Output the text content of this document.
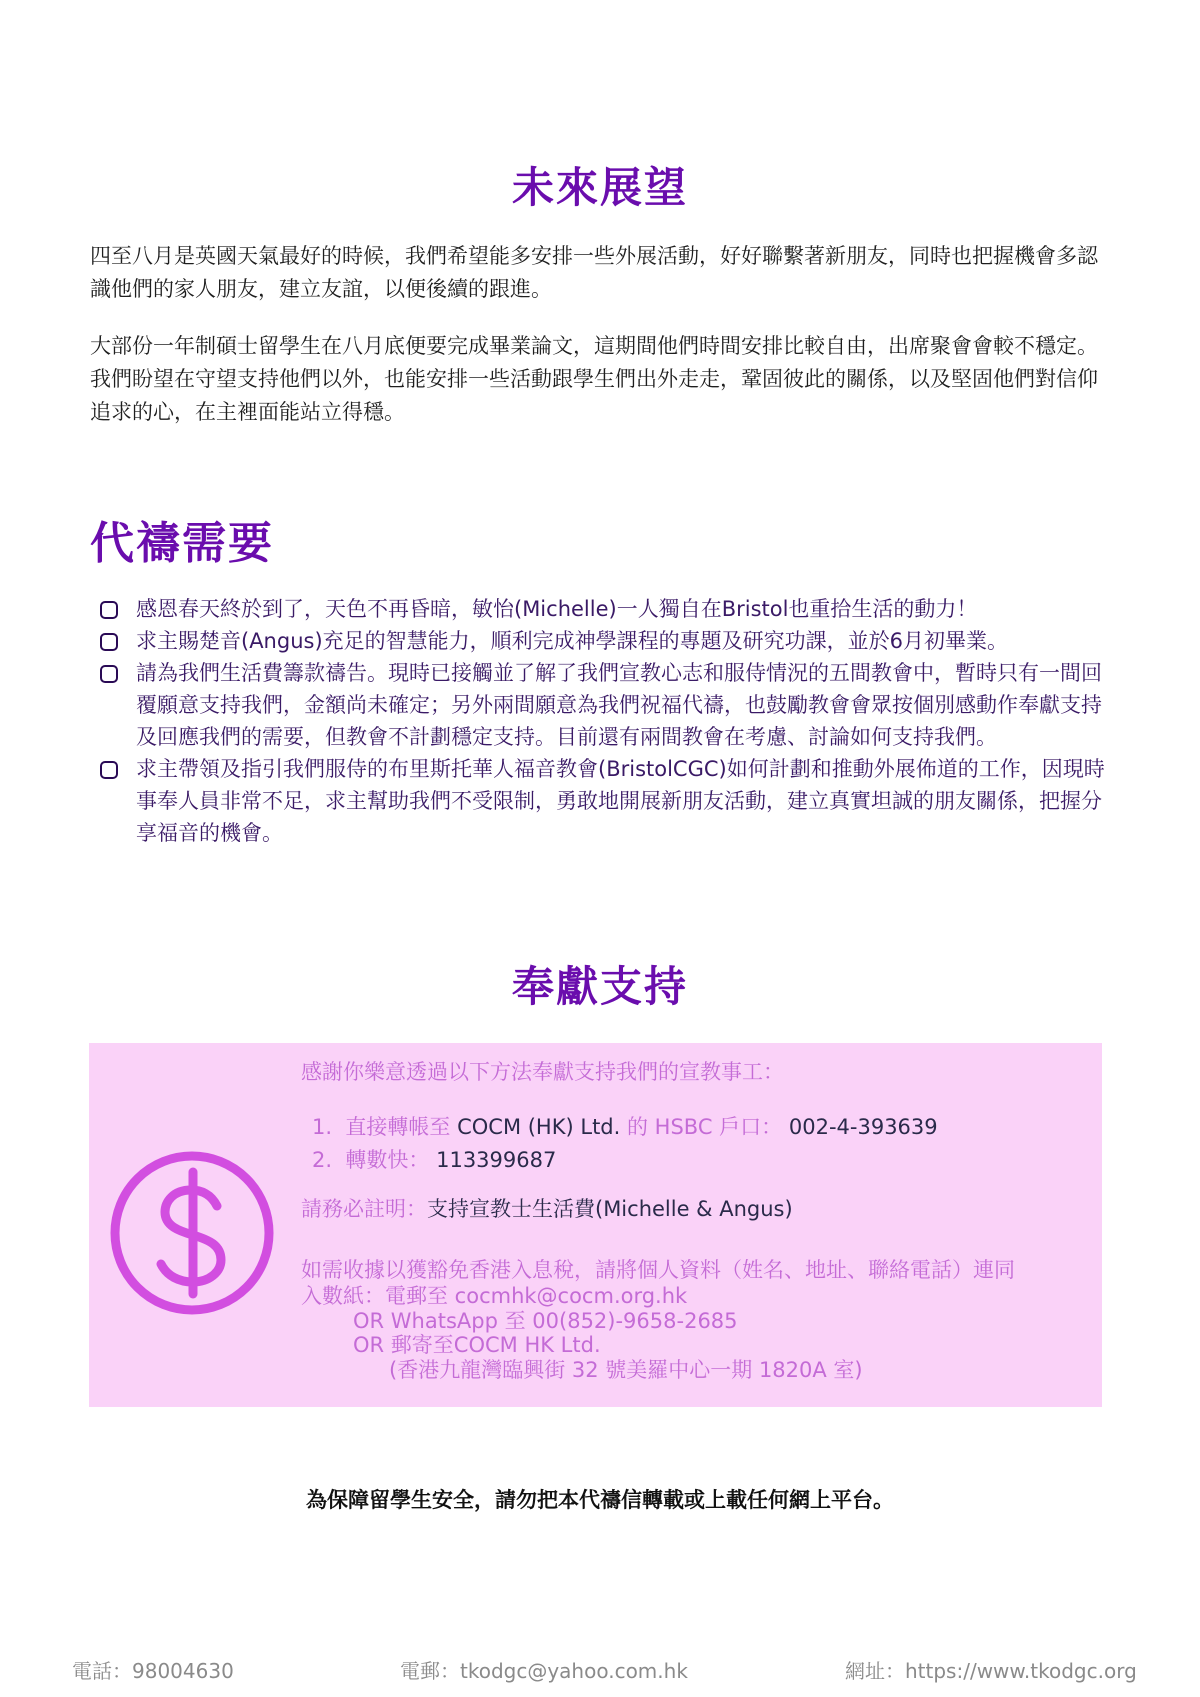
未來展望
四至八月是英國天氣最好的時候，我們希望能多安排一些外展活動，好好聯繫著新朋友，同時也把握機會多認識他們的家人朋友，建立友誼，以便後續的跟進。
大部份一年制碩士留學生在八月底便要完成畢業論文，這期間他們時間安排比較自由，出席聚會會較不穩定。我們盼望在守望支持他們以外，也能安排一些活動跟學生們出外走走，鞏固彼此的關係，以及堅固他們對信仰追求的心，在主裡面能站立得穩。
代禱需要
感恩春天終於到了，天色不再昏暗，敏怡(Michelle)一人獨自在Bristol也重拾生活的動力！
求主賜楚音(Angus)充足的智慧能力，順利完成神學課程的專題及研究功課，並於6月初畢業。
請為我們生活費籌款禱告。現時已接觸並了解了我們宣教心志和服侍情況的五間教會中，暫時只有一間回覆願意支持我們，金額尚未確定；另外兩間願意為我們祝福代禱，也鼓勵教會會眾按個別感動作奉獻支持及回應我們的需要，但教會不計劃穩定支持。目前還有兩間教會在考慮、討論如何支持我們。
求主帶領及指引我們服侍的布里斯托華人福音教會(BristolCGC)如何計劃和推動外展佈道的工作，因現時事奉人員非常不足，求主幫助我們不受限制，勇敢地開展新朋友活動，建立真實坦誠的朋友關係，把握分享福音的機會。
奉獻支持
感謝你樂意透過以下方法奉獻支持我們的宣教事工：
1. 直接轉帳至 COCM (HK) Ltd. 的 HSBC 戶口： 002-4-393639
2. 轉數快： 113399687
請務必註明：支持宣教士生活費(Michelle & Angus)
如需收據以獲豁免香港入息稅，請將個人資料（姓名、地址、聯絡電話）連同
入數紙：電郵至 cocmhk@cocm.org.hk
OR WhatsApp 至 00(852)-9658-2685
OR 郵寄至COCM HK Ltd.
(香港九龍灣臨興街 32 號美羅中心一期 1820A 室)
為保障留學生安全，請勿把本代禱信轉載或上載任何網上平台。
電話：98004630	電郵：tkodgc@yahoo.com.hk	網址：https://www.tkodgc.org
